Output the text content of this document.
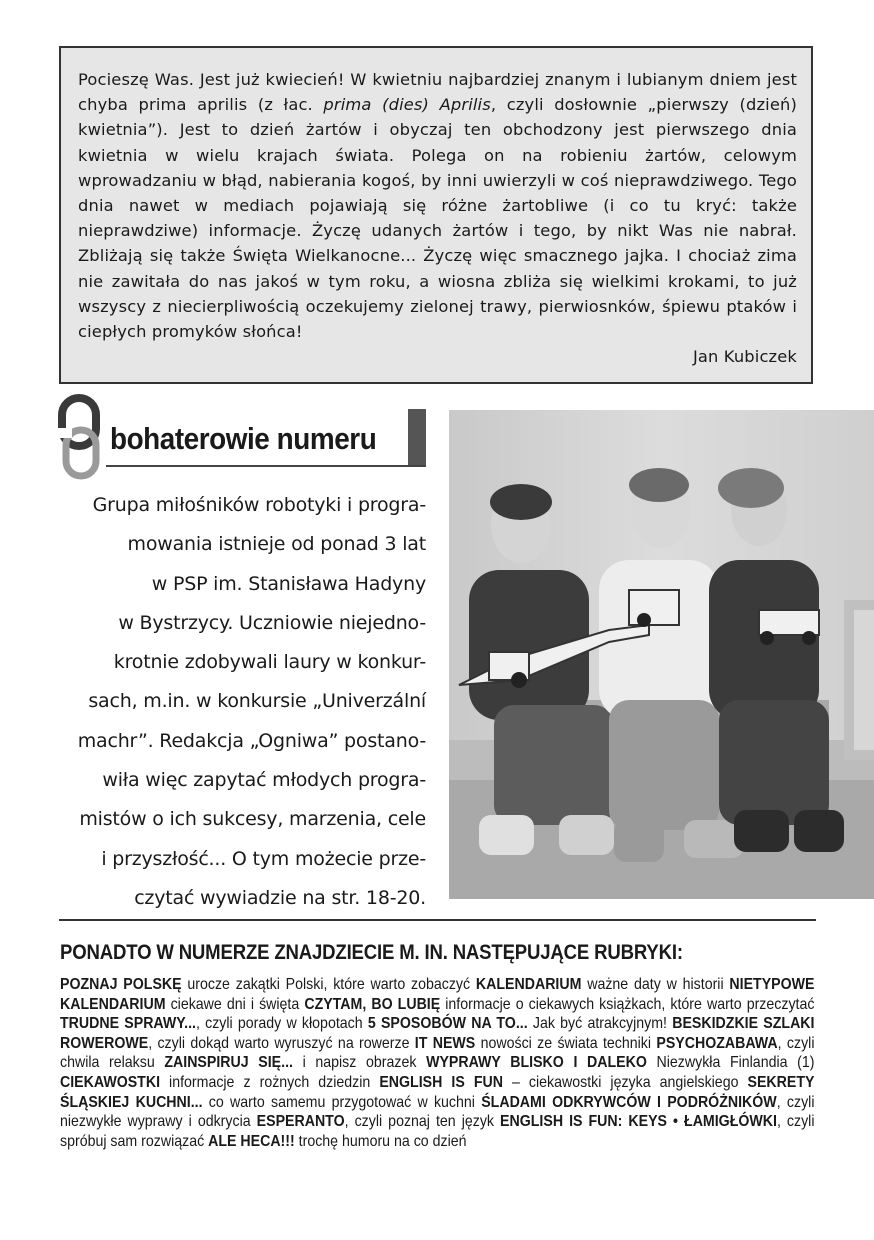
Pocieszę Was. Jest już kwiecień! W kwietniu najbardziej znanym i lubianym dniem jest chyba prima aprilis (z łac. prima (dies) Aprilis, czyli dosłownie „pierwszy (dzień) kwietnia”). Jest to dzień żartów i obyczaj ten obchodzony jest pierwszego dnia kwietnia w wielu krajach świata. Polega on na robieniu żartów, celowym wprowadzaniu w błąd, nabierania kogoś, by inni uwierzyli w coś nieprawdziwego. Tego dnia nawet w mediach pojawiają się różne żartobliwe (i co tu kryć: także nieprawdziwe) informacje. Życzę udanych żartów i tego, by nikt Was nie nabrał. Zbliżają się także Święta Wielkanocne... Życzę więc smacznego jajka. I chociaż zima nie zawitała do nas jakoś w tym roku, a wiosna zbliża się wielkimi krokami, to już wszyscy z niecierpliwością oczekujemy zielonej trawy, pierwiosnków, śpiewu ptaków i ciepłych promyków słońca!

Jan Kubiczek

bohaterowie numeru

Grupa miłośników robotyki i progra-

mowania istnieje od ponad 3 lat

w PSP im. Stanisława Hadyny

w Bystrzycy. Uczniowie niejedno-

krotnie zdobywali laury w konkur-

sach, m.in. w konkursie „Univerzální

machr”. Redakcja „Ogniwa” postano-

wiła więc zapytać młodych progra-

mistów o ich sukcesy, marzenia, cele

i przyszłość... O tym możecie prze-

czytać wywiadzie na str. 18-20.

PONADTO W NUMERZE ZNAJDZIECIE M. IN. NASTĘPUJĄCE RUBRYKI:

POZNAJ POLSKĘ urocze zakątki Polski, które warto zobaczyć KALENDARIUM ważne daty w historii NIETYPOWE KALENDARIUM ciekawe dni i święta CZYTAM, BO LUBIĘ informacje o ciekawych książkach, które warto przeczytać TRUDNE SPRAWY..., czyli porady w kłopotach 5 SPOSOBÓW NA TO... Jak być atrakcyjnym! BESKIDZKIE SZLAKI ROWEROWE, czyli dokąd warto wyruszyć na rowerze IT NEWS nowości ze świata techniki PSYCHOZABAWA, czyli chwila relaksu ZAINSPIRUJ SIĘ... i napisz obrazek WYPRAWY BLISKO I DALEKO Niezwykła Finlandia (1) CIEKAWOSTKI informacje z rożnych dziedzin ENGLISH IS FUN – ciekawostki języka angielskiego SEKRETY ŚLĄSKIEJ KUCHNI... co warto samemu przygotować w kuchni ŚLADAMI ODKRYWCÓW I PODRÓŻNIKÓW, czyli niezwykłe wyprawy i odkrycia ESPERANTO, czyli poznaj ten język ENGLISH IS FUN: KEYS • ŁAMIGŁÓWKI, czyli spróbuj sam rozwiązać ALE HECA!!! trochę humoru na co dzień
